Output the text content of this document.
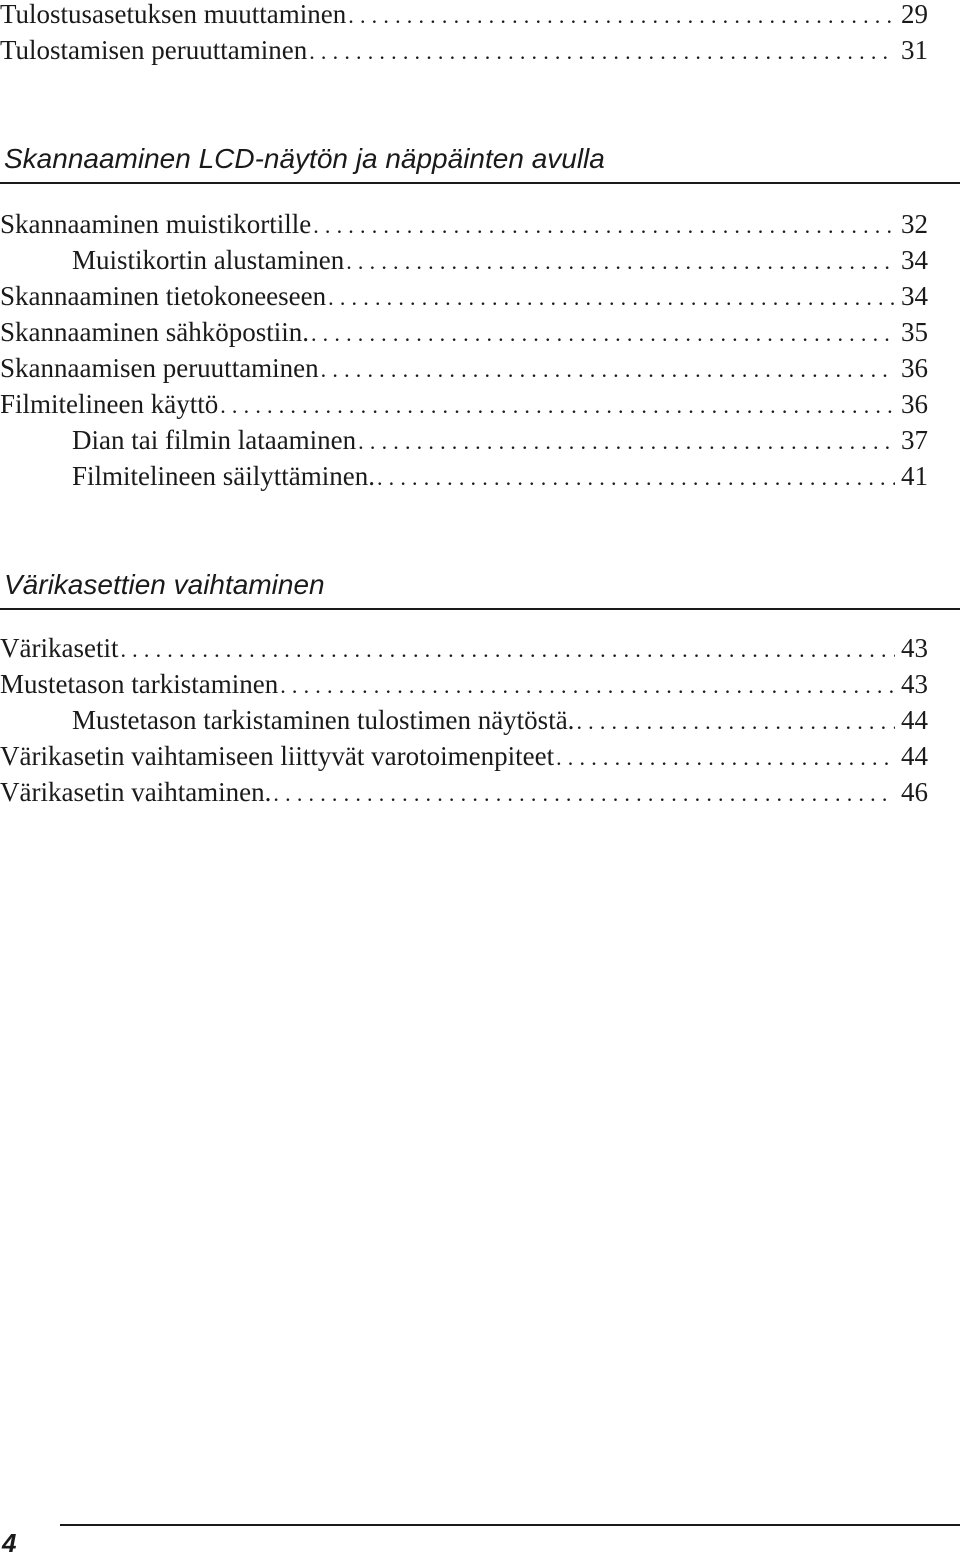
Tulostusasetuksen muuttaminen .....	29
Tulostamisen peruuttaminen .....	31
Skannaaminen LCD-näytön ja näppäinten avulla
Skannaaminen muistikortille .....	32
Muistikortin alustaminen .....	34
Skannaaminen tietokoneeseen .....	34
Skannaaminen sähköpostiin. .....	35
Skannaamisen peruuttaminen .....	36
Filmitelineen käyttö .....	36
Dian tai filmin lataaminen .....	37
Filmitelineen säilyttäminen. .....	41
Värikasettien vaihtaminen
Värikasetit .....	43
Mustetason tarkistaminen .....	43
Mustetason tarkistaminen tulostimen näytöstä. .....	44
Värikasetin vaihtamiseen liittyvät varotoimenpiteet .....	44
Värikasetin vaihtaminen. .....	46
4
